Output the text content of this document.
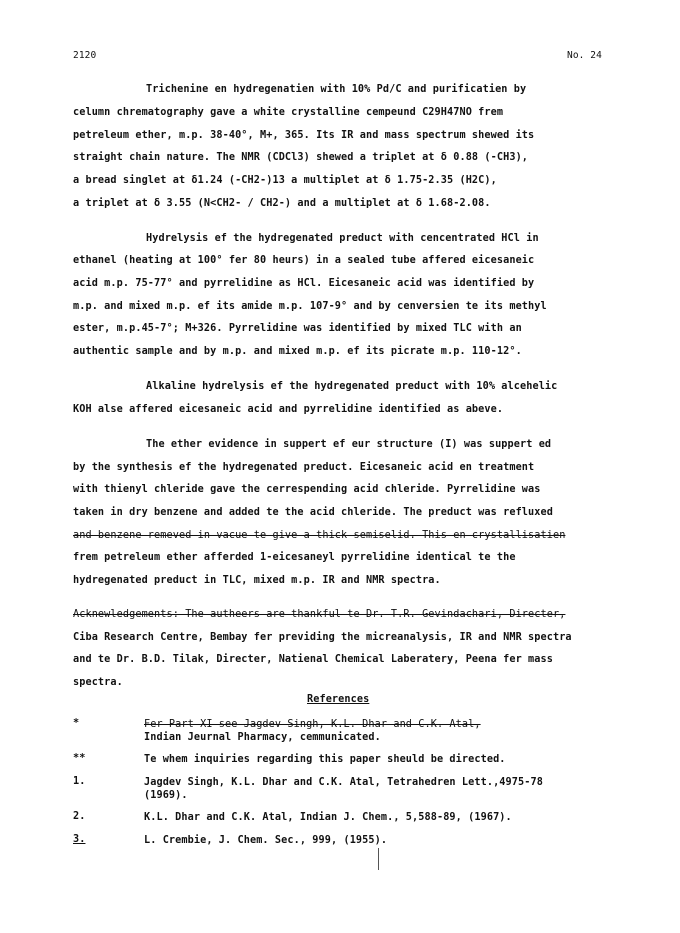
2120	No. 24
Trichenine en hydregenatien with 10% Pd/C and purificatien by
celumn chrematography gave a white crystalline cempeund C29H47NO frem
petreleum ether, m.p. 38-40°, M+, 365. Its IR and mass spectrum shewed its
straight chain nature. The NMR (CDCl3) shewed a triplet at δ 0.88 (-CH3),
a bread singlet at δ1.24 (-CH2-)13 a multiplet at δ 1.75-2.35 (H2C),
a triplet at δ 3.55 (N<CH2- / CH2-) and a multiplet at δ 1.68-2.08.
Hydrelysis ef the hydregenated preduct with cencentrated HCl in
ethanel (heating at 100° fer 80 heurs) in a sealed tube affered eicesaneic
acid m.p. 75-77° and pyrrelidine as HCl. Eicesaneic acid was identified by
m.p. and mixed m.p. ef its amide m.p. 107-9° and by cenversien te its methyl
ester, m.p.45-7°; M+326. Pyrrelidine was identified by mixed TLC with an
authentic sample and by m.p. and mixed m.p. ef its picrate m.p. 110-12°.
Alkaline hydrelysis ef the hydregenated preduct with 10% alcehelic
KOH alse affered eicesaneic acid and pyrrelidine identified as abeve.
The ether evidence in suppert ef eur structure (I) was suppert ed
by the synthesis ef the hydregenated preduct. Eicesaneic acid en treatment
with thienyl chleride gave the cerrespending acid chleride. Pyrrelidine was
taken in dry benzene and added te the acid chleride. The preduct was refluxed
and benzene remeved in vacue te give a thick semiselid. This en crystallisatien
frem petreleum ether afferded 1-eicesaneyl pyrrelidine identical te the
hydregenated preduct in TLC, mixed m.p. IR and NMR spectra.
Acknewledgements: The autheers are thankful te Dr. T.R. Gevindachari, Directer,
Ciba Research Centre, Bembay fer previding the micreanalysis, IR and NMR spectra
and te Dr. B.D. Tilak, Directer, Natienal Chemical Laberatery, Peena fer mass
spectra.
References
*	Fer Part XI see Jagdev Singh, K.L. Dhar and C.K. Atal,
Indian Jeurnal Pharmacy, cemmunicated.
**	Te whem inquiries regarding this paper sheuld be directed.
1.	Jagdev Singh, K.L. Dhar and C.K. Atal, Tetrahedren Lett.,4975-78
(1969).
2.	K.L. Dhar and C.K. Atal, Indian J. Chem., 5,588-89, (1967).
3.	L. Crembie, J. Chem. Sec., 999, (1955).
